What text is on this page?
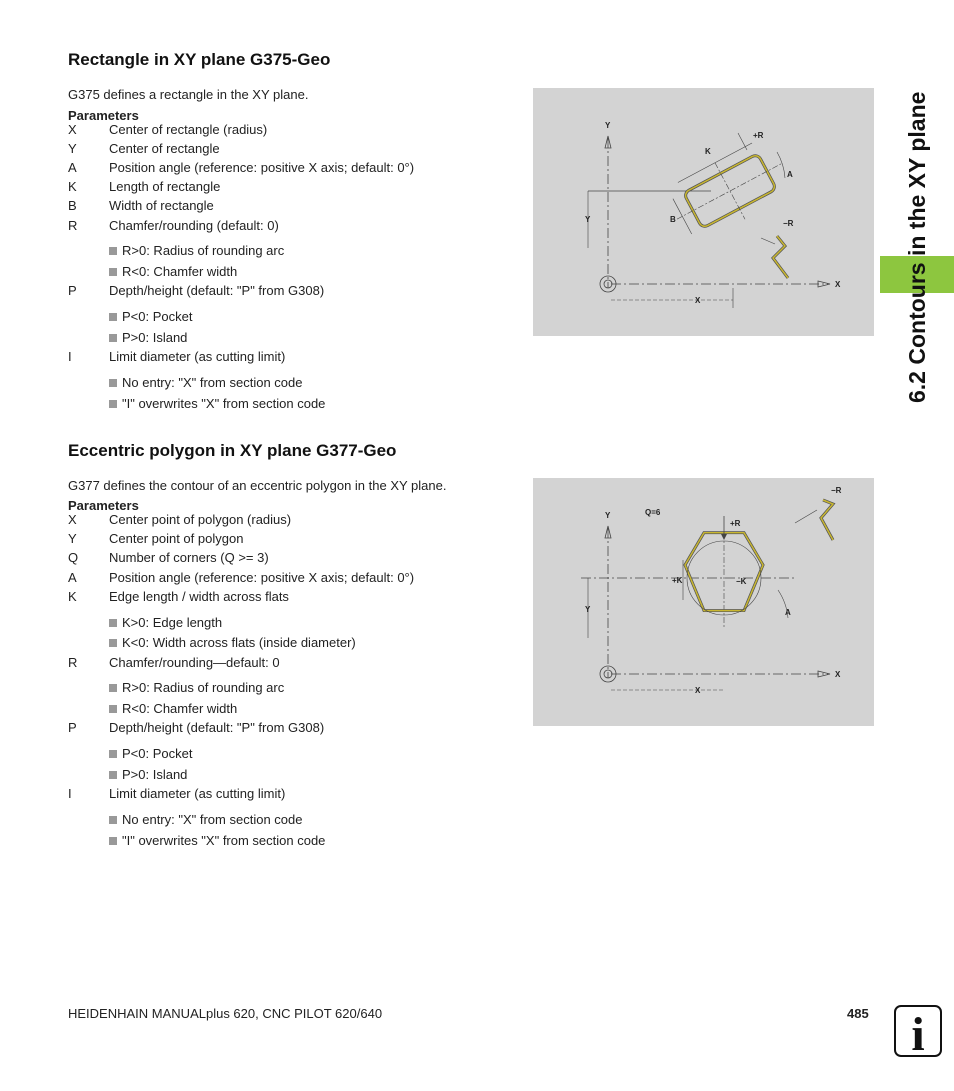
6.2 Contours in the XY plane
Rectangle in XY plane G375-Geo
G375 defines a rectangle in the XY plane.
Parameters
X Center of rectangle (radius)
Y Center of rectangle
A Position angle (reference: positive X axis; default: 0°)
K Length of rectangle
B Width of rectangle
R Chamfer/rounding (default: 0)
R>0: Radius of rounding arc
R<0: Chamfer width
P Depth/height (default: "P" from G308)
P<0: Pocket
P>0: Island
I	Limit diameter (as cutting limit)
No entry: "X" from section code
"I" overwrites "X" from section code
Y
X
Y
X
K
B
A
+R
−R
Eccentric polygon in XY plane G377-Geo
G377 defines the contour of an eccentric polygon in the XY plane.
Parameters
X Center point of polygon (radius)
Y Center point of polygon
Q Number of corners (Q >= 3)
A Position angle (reference: positive X axis; default: 0°)
K Edge length / width across flats
K>0: Edge length
K<0: Width across flats (inside diameter)
R Chamfer/rounding—default: 0
R>0: Radius of rounding arc
R<0: Chamfer width
P Depth/height (default: "P" from G308)
P<0: Pocket
P>0: Island
I	Limit diameter (as cutting limit)
No entry: "X" from section code
"I" overwrites "X" from section code
Y
X
Q=6
Y
X
+K	−K
+R
A
−R
HEIDENHAIN MANUALplus 620, CNC PILOT 620/640	485 i
